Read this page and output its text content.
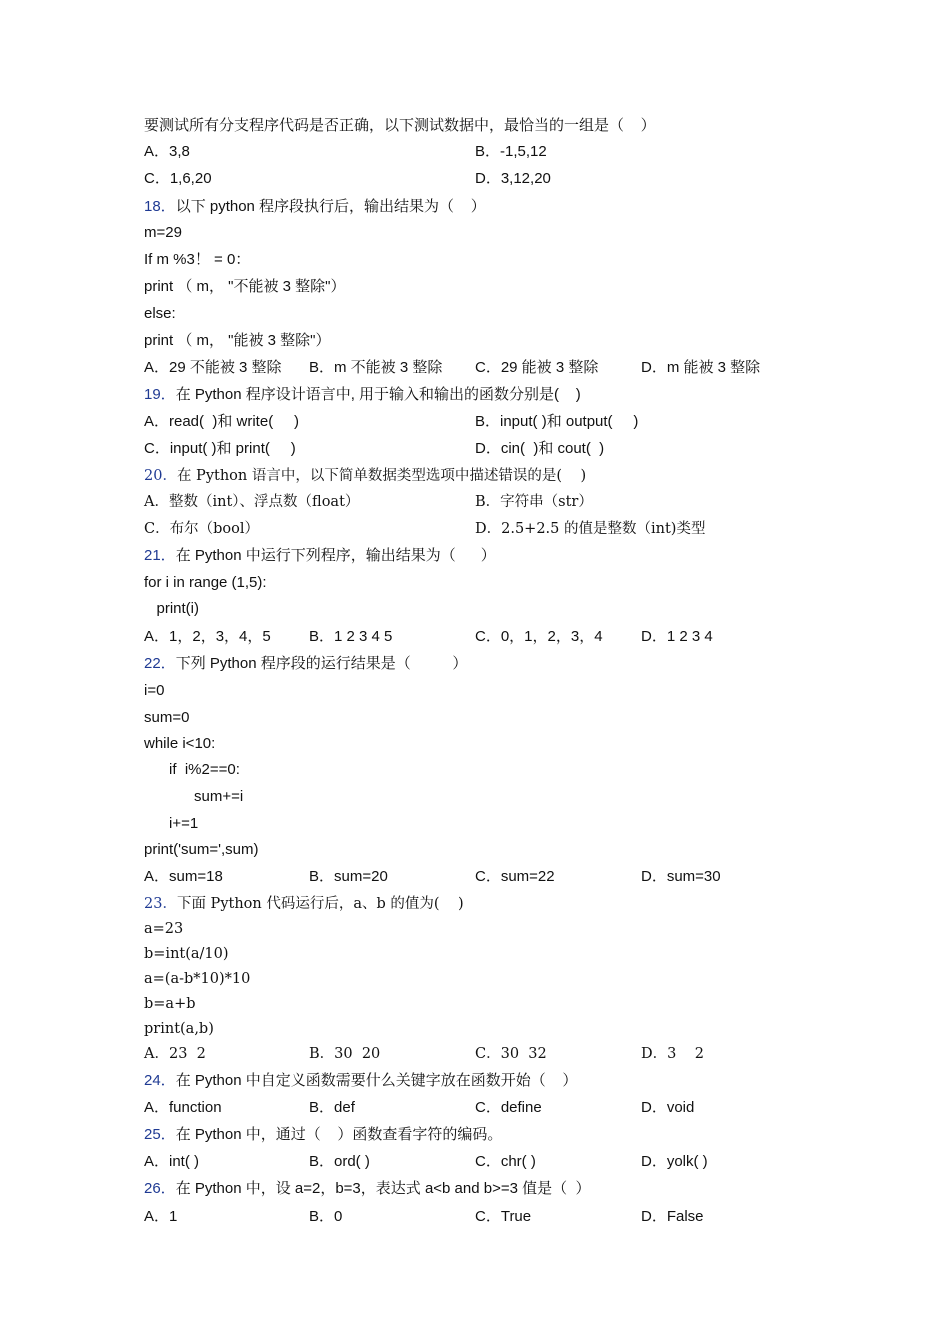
要测试所有分支程序代码是否正确，以下测试数据中，最恰当的一组是（    ）
A．3,8	B．-1,5,12
C．1,6,20	D．3,12,20
18．以下 python 程序段执行后，输出结果为（    ）
m=29
If m %3！ = 0：
print （ m， "不能被 3 整除"）
else:
print （ m， "能被 3 整除"）
A．29 不能被 3 整除 B．m 不能被 3 整除 C．29 能被 3 整除	D．m 能被 3 整除
19．在 Python 程序设计语言中, 用于输入和输出的函数分别是(    )
A．read(  )和 write(     )	B．input( )和 output(     )
C．input( )和 print(     )	D．cin(  )和 cout(  )
20．在 Python 语言中，以下简单数据类型选项中描述错误的是(    )
A．整数（int）、浮点数（float）	B．字符串（str）
C．布尔（bool）	D．2.5+2.5 的值是整数（int)类型
21．在 Python 中运行下列程序，输出结果为（      ）
for i in range (1,5):
print(i)
A．1，2，3，4，5	B．1 2 3 4 5	C．0，1，2，3，4	D．1 2 3 4
22．下列 Python 程序段的运行结果是（          ）
i=0
sum=0
while i<10:
if  i%2==0:
sum+=i
i+=1
print('sum=',sum)
A．sum=18	B．sum=20	C．sum=22	D．sum=30
23．下面 Python 代码运行后，a、b 的值为(    )
a=23
b=int(a/10)
a=(a-b*10)*10
b=a+b
print(a,b)
A．23  2	B．30  20	C．30  32	D．3    2
24．在 Python 中自定义函数需要什么关键字放在函数开始（    ）
A．function	B．def	C．define	D．void
25．在 Python 中，通过（    ）函数查看字符的编码。
A．int( )	B．ord( )	C．chr( )	D．yolk( )
26．在 Python 中，设 a=2，b=3，表达式 a<b and b>=3 值是（  ）
A．1	B．0	C．True	D．False
